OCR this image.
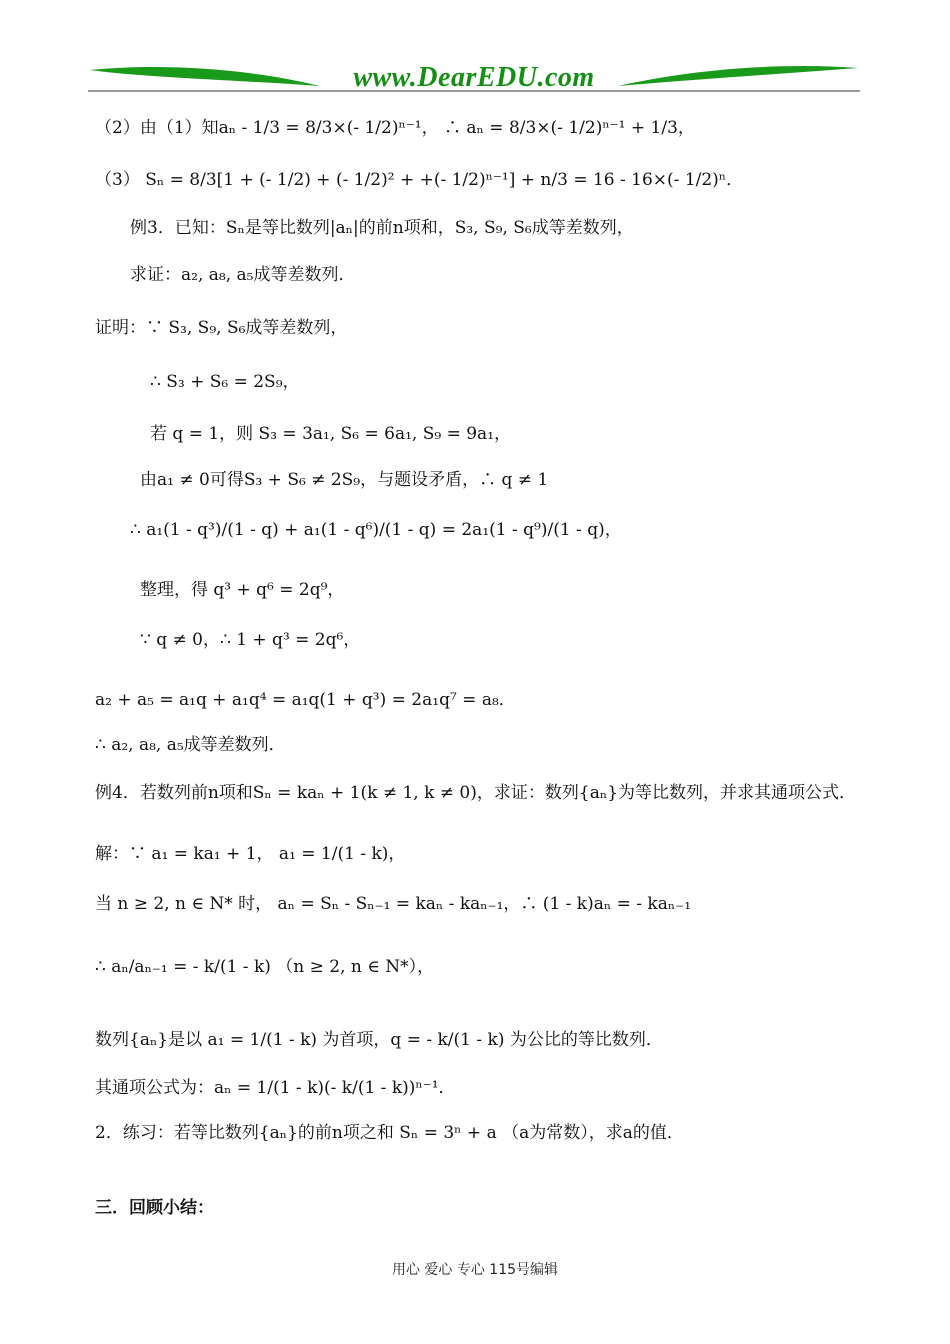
www.DearEDU.com
（2）由（1）知aₙ - 1/3 = 8/3×(- 1/2)ⁿ⁻¹， ∴ aₙ = 8/3×(- 1/2)ⁿ⁻¹ + 1/3，
（3） Sₙ = 8/3[1 + (- 1/2) + (- 1/2)² + +(- 1/2)ⁿ⁻¹] + n/3 = 16 - 16×(- 1/2)ⁿ．
例3．已知：Sₙ是等比数列|aₙ|的前n项和，S₃, S₉, S₆成等差数列，
求证：a₂, a₈, a₅成等差数列．
证明：∵ S₃, S₉, S₆成等差数列，
∴ S₃ + S₆ = 2S₉，
若 q = 1，则 S₃ = 3a₁, S₆ = 6a₁, S₉ = 9a₁，
由a₁ ≠ 0可得S₃ + S₆ ≠ 2S₉，与题设矛盾，∴ q ≠ 1
∴ a₁(1 - q³)/(1 - q) + a₁(1 - q⁶)/(1 - q) = 2a₁(1 - q⁹)/(1 - q)，
整理，得 q³ + q⁶ = 2q⁹，
∵ q ≠ 0，∴ 1 + q³ = 2q⁶，
a₂ + a₅ = a₁q + a₁q⁴ = a₁q(1 + q³) = 2a₁q⁷ = a₈．
∴ a₂, a₈, a₅成等差数列．
例4．若数列前n项和Sₙ = kaₙ + 1(k ≠ 1, k ≠ 0)，求证：数列{aₙ}为等比数列，并求其通项公式．
解：∵ a₁ = ka₁ + 1， a₁ = 1/(1 - k)，
当 n ≥ 2, n ∈ N* 时， aₙ = Sₙ - Sₙ₋₁ = kaₙ - kaₙ₋₁，∴ (1 - k)aₙ = - kaₙ₋₁
∴ aₙ/aₙ₋₁ = - k/(1 - k) （n ≥ 2, n ∈ N*），
数列{aₙ}是以 a₁ = 1/(1 - k) 为首项，q = - k/(1 - k) 为公比的等比数列．
其通项公式为：aₙ = 1/(1 - k)(- k/(1 - k))ⁿ⁻¹．
2．练习：若等比数列{aₙ}的前n项之和 Sₙ = 3ⁿ + a （a为常数），求a的值．
三．回顾小结：
用心 爱心 专心 115号编辑
